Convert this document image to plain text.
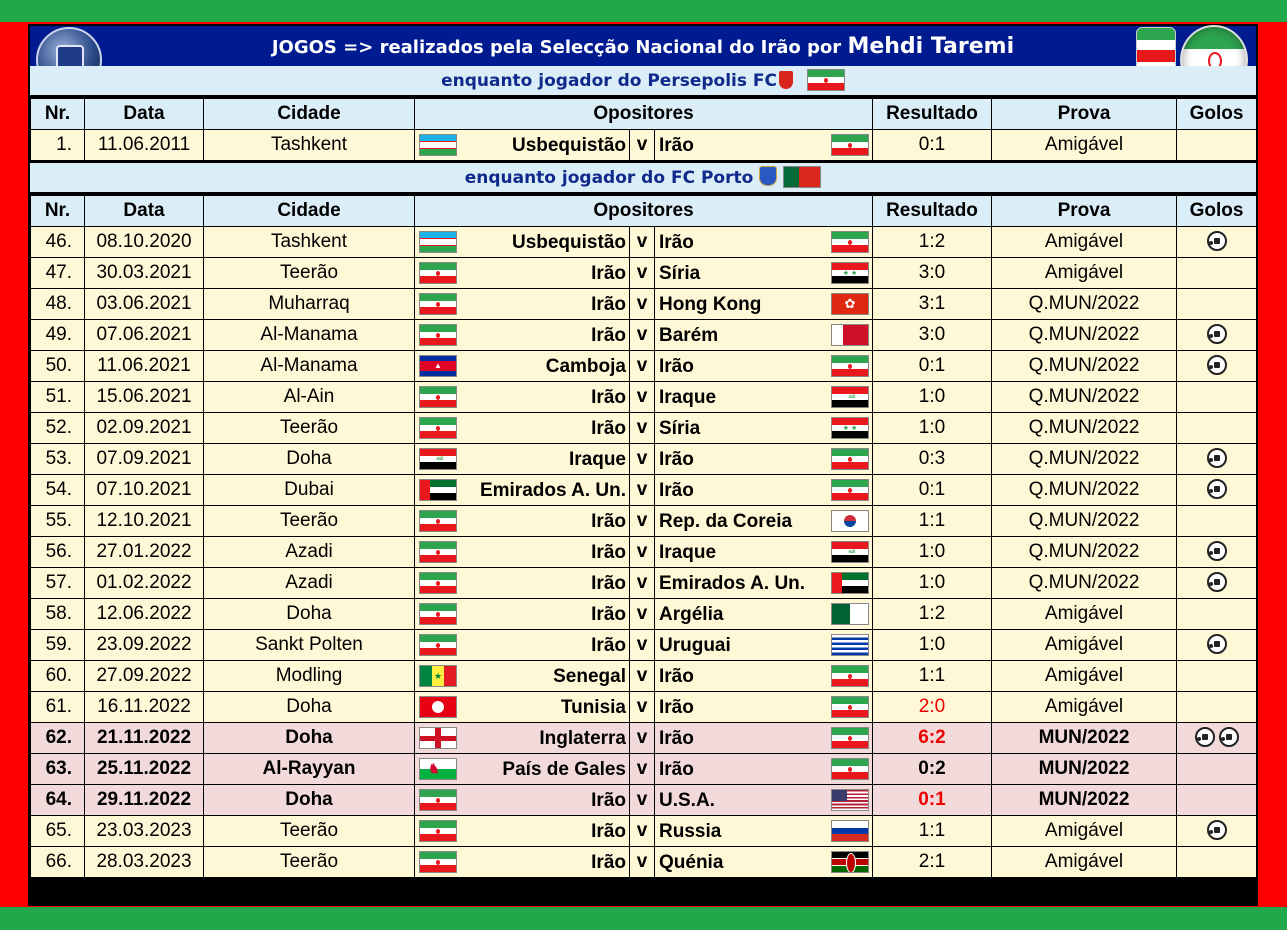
JOGOS => realizados pela Selecção Nacional do Irão por Mehdi Taremi
enquanto jogador do Persepolis FC
Nr.	Data	Cidade	Opositores	Resultado	Prova	Golos
1.	11.06.2011	Tashkent	Usbequistão v Irão	0:1	Amigável	
enquanto jogador do FC Porto
Nr.	Data	Cidade	Opositores	Resultado	Prova	Golos
46.	08.10.2020	Tashkent	Usbequistão v Irão	1:2	Amigável	
47.	30.03.2021	Teerão	Irão v Síria ★ ★	3:0	Amigável	
48.	03.06.2021	Muharraq	Irão v Hong Kong ✿	3:1	Q.MUN/2022	
49.	07.06.2021	Al-Manama	Irão v Barém	3:0	Q.MUN/2022	
50.	11.06.2021	Al-Manama	▲ Camboja v Irão	0:1	Q.MUN/2022	
51.	15.06.2021	Al-Ain	Irão v Iraque ﷲ	1:0	Q.MUN/2022	
52.	02.09.2021	Teerão	Irão v Síria ★ ★	1:0	Q.MUN/2022	
53.	07.09.2021	Doha	ﷲ Iraque v Irão	0:3	Q.MUN/2022	
54.	07.10.2021	Dubai	Emirados A. Un. v Irão	0:1	Q.MUN/2022	
55.	12.10.2021	Teerão	Irão v Rep. da Coreia	1:1	Q.MUN/2022	
56.	27.01.2022	Azadi	Irão v Iraque ﷲ	1:0	Q.MUN/2022	
57.	01.02.2022	Azadi	Irão v Emirados A. Un.	1:0	Q.MUN/2022	
58.	12.06.2022	Doha	Irão v Argélia	1:2	Amigável	
59.	23.09.2022	Sankt Polten	Irão v Uruguai	1:0	Amigável	
60.	27.09.2022	Modling	★ Senegal v Irão	1:1	Amigável	
61.	16.11.2022	Doha	Tunisia v Irão	2:0	Amigável	
62.	21.11.2022	Doha	Inglaterra v Irão	6:2	MUN/2022	
63.	25.11.2022	Al-Rayyan	♞ País de Gales v Irão	0:2	MUN/2022	
64.	29.11.2022	Doha	Irão v U.S.A.	0:1	MUN/2022	
65.	23.03.2023	Teerão	Irão v Russia	1:1	Amigável	
66.	28.03.2023	Teerão	Irão v Quénia	2:1	Amigável	
